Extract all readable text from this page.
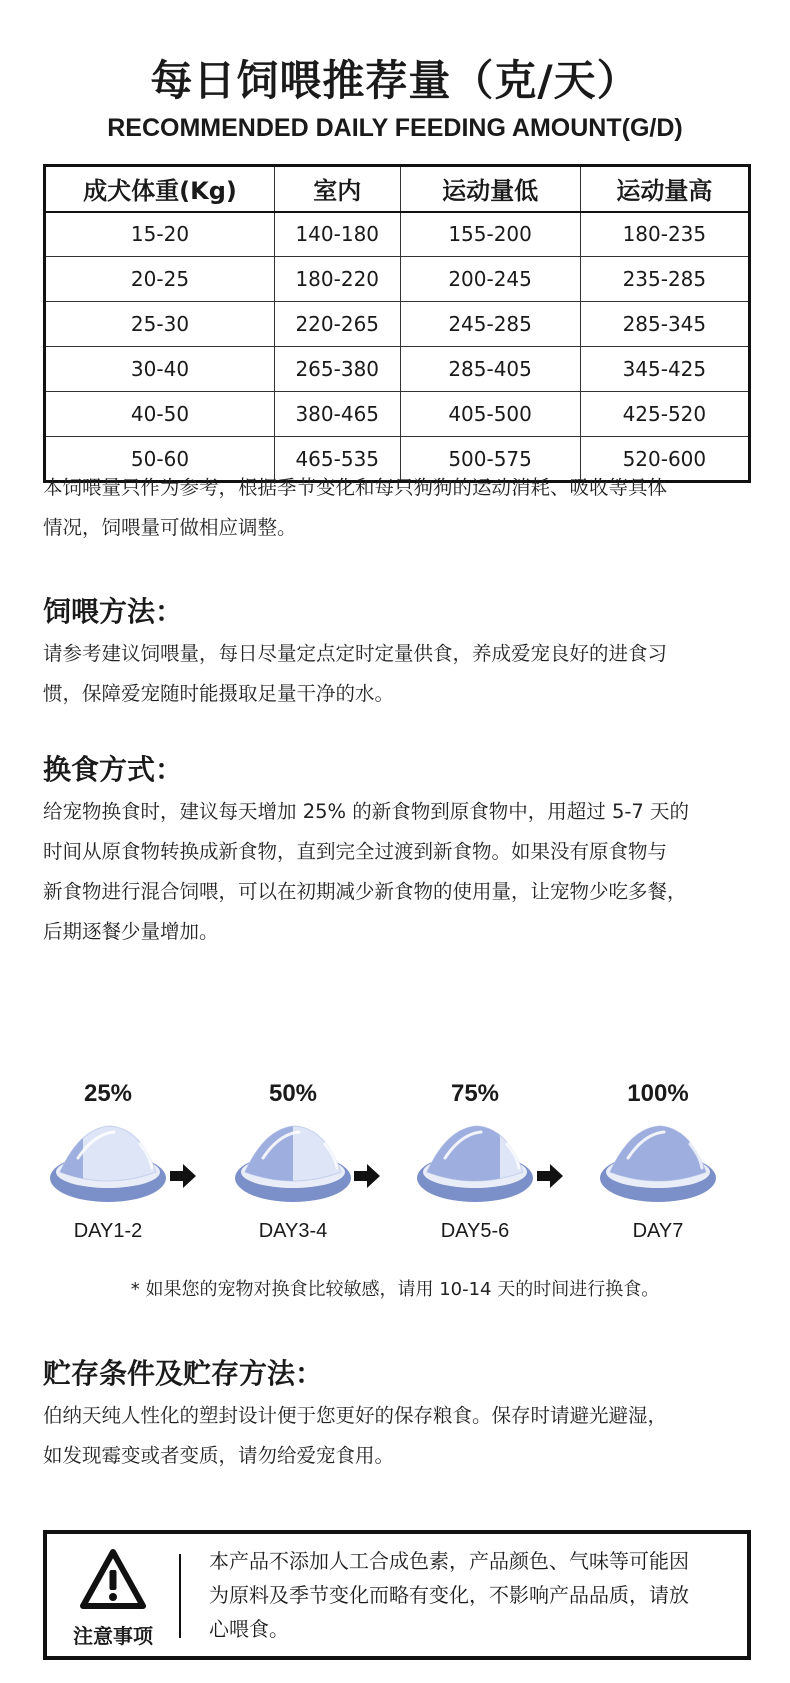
每日饲喂推荐量（克/天）
RECOMMENDED DAILY FEEDING AMOUNT(G/D)
成犬体重(Kg)	室内	运动量低	运动量高
15-20	140-180	155-200	180-235
20-25	180-220	200-245	235-285
25-30	220-265	245-285	285-345
30-40	265-380	285-405	345-425
40-50	380-465	405-500	425-520
50-60	465-535	500-575	520-600
本饲喂量只作为参考，根据季节变化和每只狗狗的运动消耗、吸收等具体
情况，饲喂量可做相应调整。
饲喂方法：
请参考建议饲喂量，每日尽量定点定时定量供食，养成爱宠良好的进食习
惯，保障爱宠随时能摄取足量干净的水。
换食方式：
给宠物换食时，建议每天增加 25% 的新食物到原食物中，用超过 5-7 天的
时间从原食物转换成新食物，直到完全过渡到新食物。如果没有原食物与
新食物进行混合饲喂，可以在初期减少新食物的使用量，让宠物少吃多餐，
后期逐餐少量增加。
25%
DAY1-2
50%
DAY3-4
75%
DAY5-6
100%
DAY7
* 如果您的宠物对换食比较敏感，请用 10-14 天的时间进行换食。
贮存条件及贮存方法：
伯纳天纯人性化的塑封设计便于您更好的保存粮食。保存时请避光避湿，
如发现霉变或者变质，请勿给爱宠食用。
注意事项
本产品不添加人工合成色素，产品颜色、气味等可能因
为原料及季节变化而略有变化，不影响产品品质，请放
心喂食。
